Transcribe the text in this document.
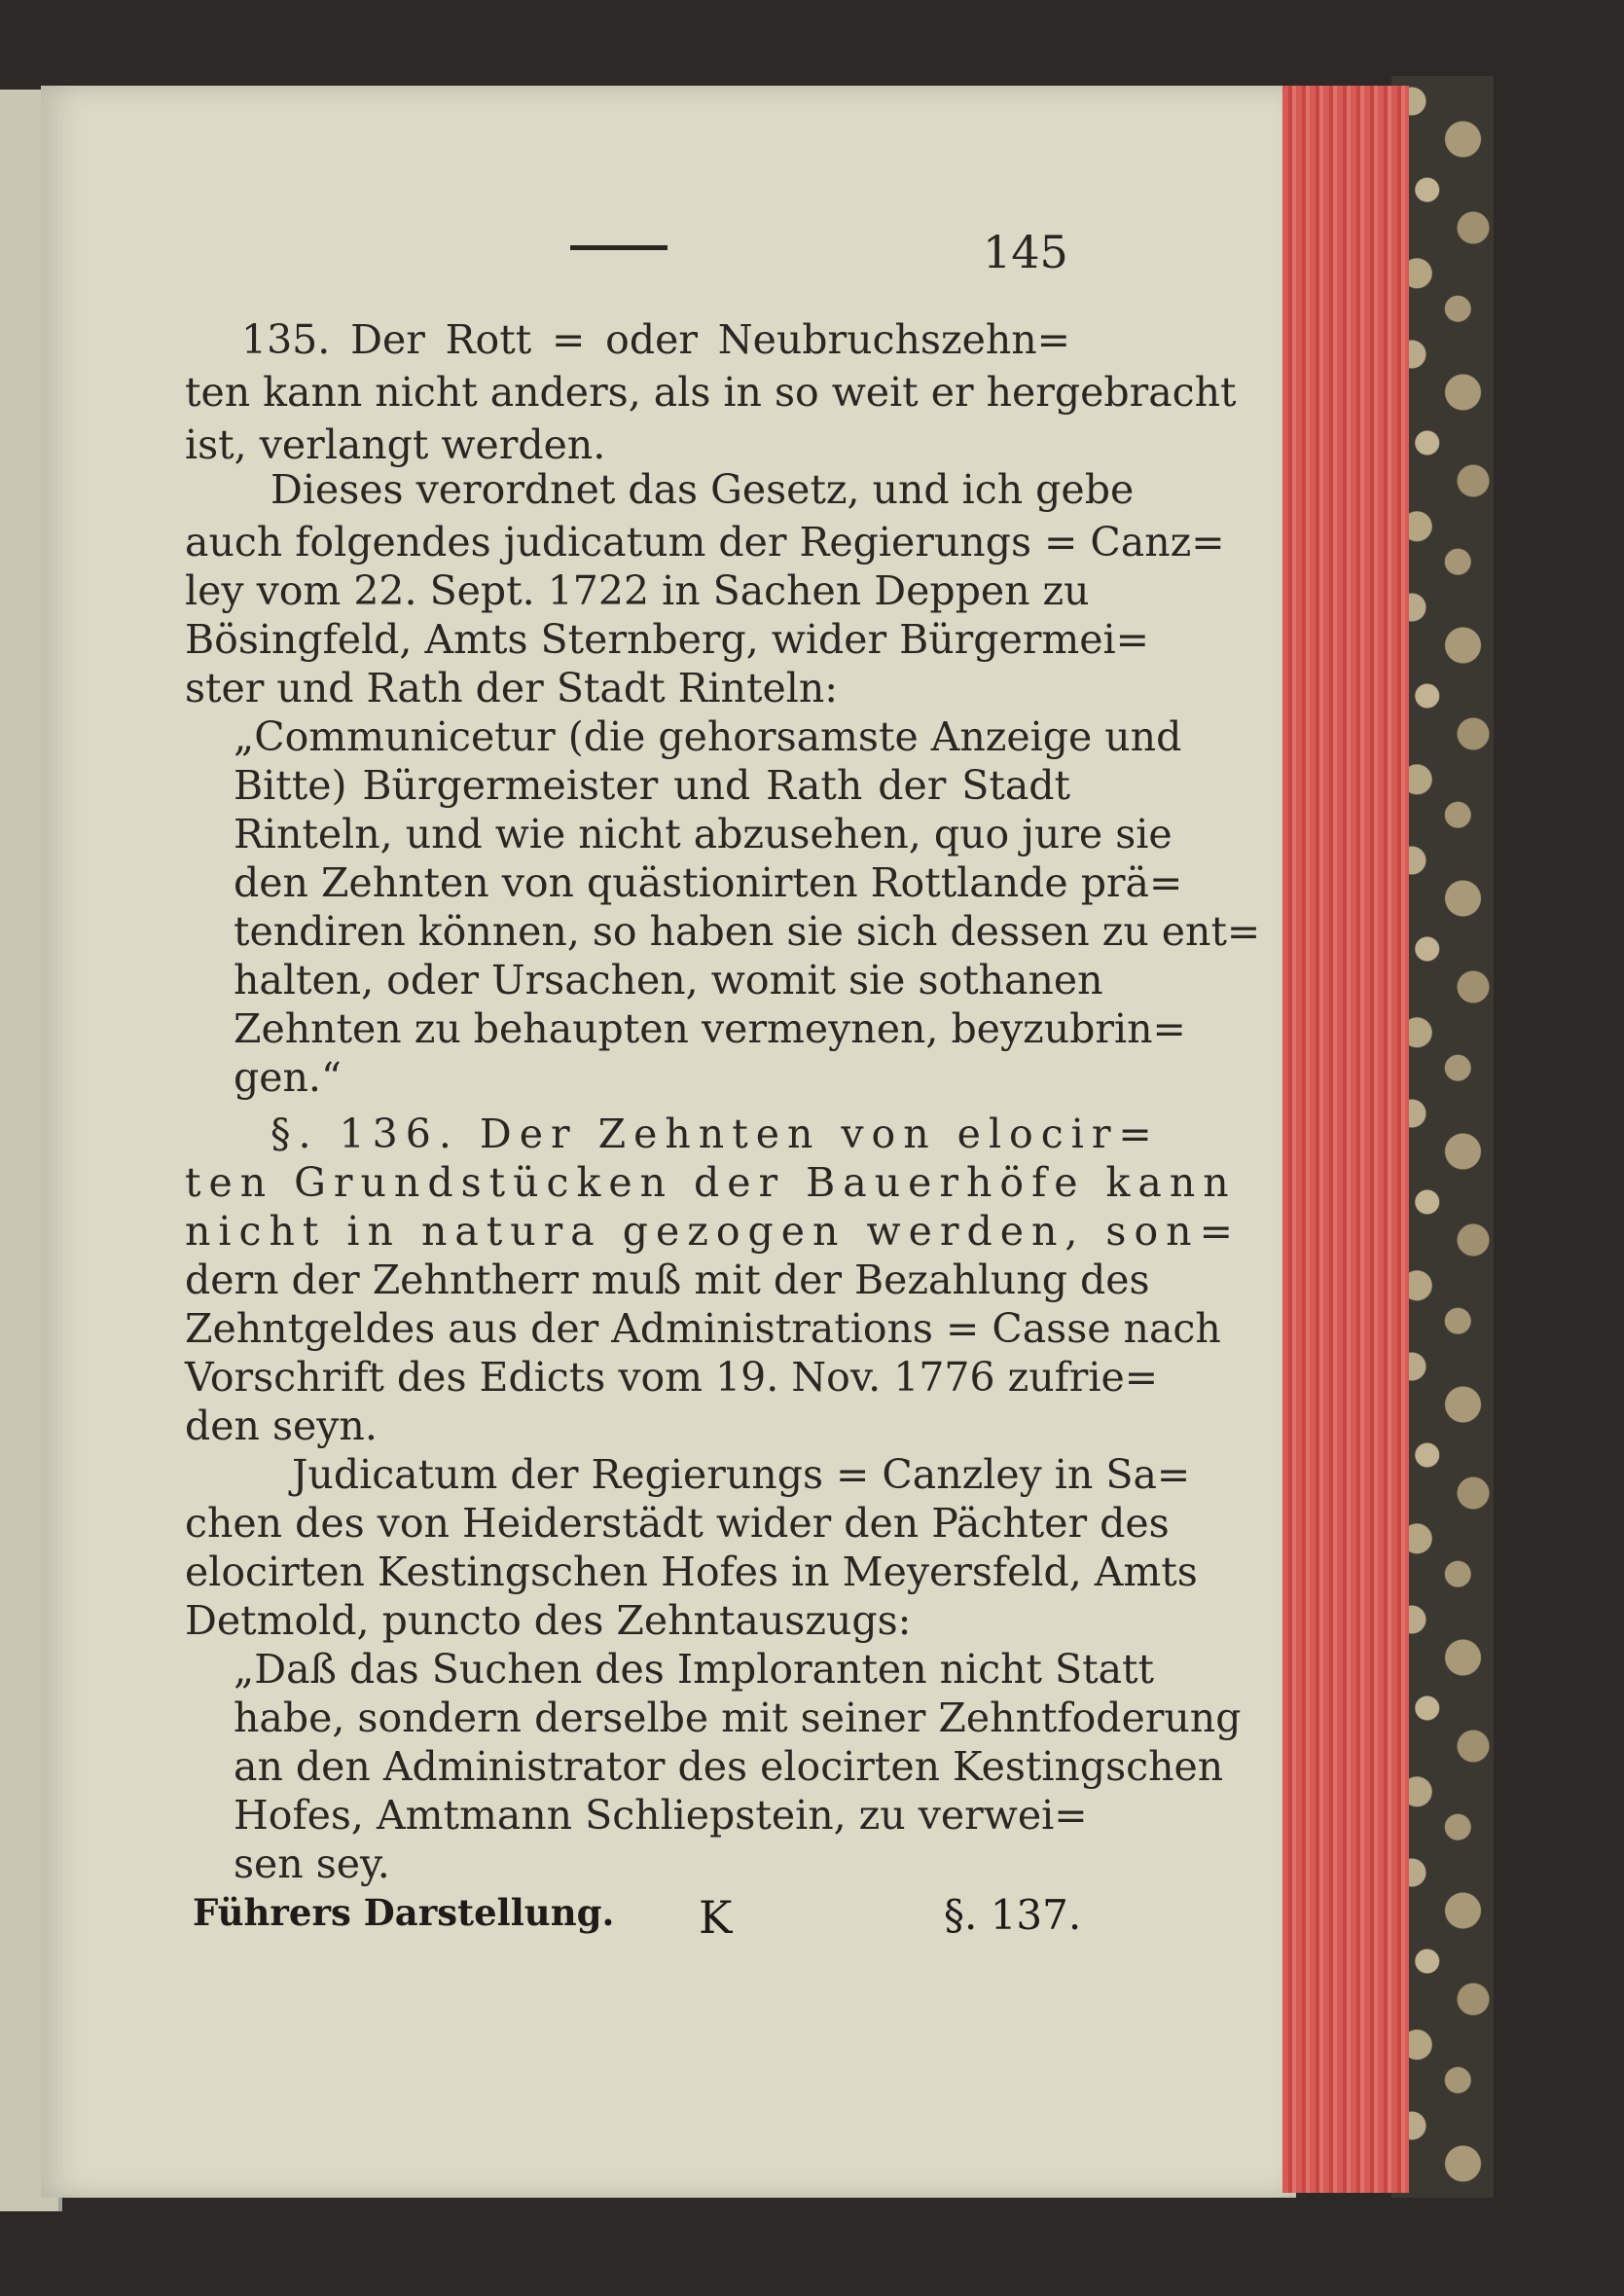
145
135. Der Rott = oder Neubruchszehn=
ten kann nicht anders, als in so weit er hergebracht
ist, verlangt werden.
Dieses verordnet das Gesetz, und ich gebe
auch folgendes judicatum der Regierungs = Canz=
ley vom 22. Sept. 1722 in Sachen Deppen zu
Bösingfeld, Amts Sternberg, wider Bürgermei=
ster und Rath der Stadt Rinteln:
„Communicetur (die gehorsamste Anzeige und
Bitte) Bürgermeister und Rath der Stadt
Rinteln, und wie nicht abzusehen, quo jure sie
den Zehnten von quästionirten Rottlande prä=
tendiren können, so haben sie sich dessen zu ent=
halten, oder Ursachen, womit sie sothanen
Zehnten zu behaupten vermeynen, beyzubrin=
gen.“
§. 136. Der Zehnten von elocir=
ten Grundstücken der Bauerhöfe kann
nicht in natura gezogen werden, son=
dern der Zehntherr muß mit der Bezahlung des
Zehntgeldes aus der Administrations = Casse nach
Vorschrift des Edicts vom 19. Nov. 1776 zufrie=
den seyn.
Judicatum der Regierungs = Canzley in Sa=
chen des von Heiderstädt wider den Pächter des
elocirten Kestingschen Hofes in Meyersfeld, Amts
Detmold, puncto des Zehntauszugs:
„Daß das Suchen des Imploranten nicht Statt
habe, sondern derselbe mit seiner Zehntfoderung
an den Administrator des elocirten Kestingschen
Hofes, Amtmann Schliepstein, zu verwei=
sen sey.
Führers Darstellung. K	§. 137.
